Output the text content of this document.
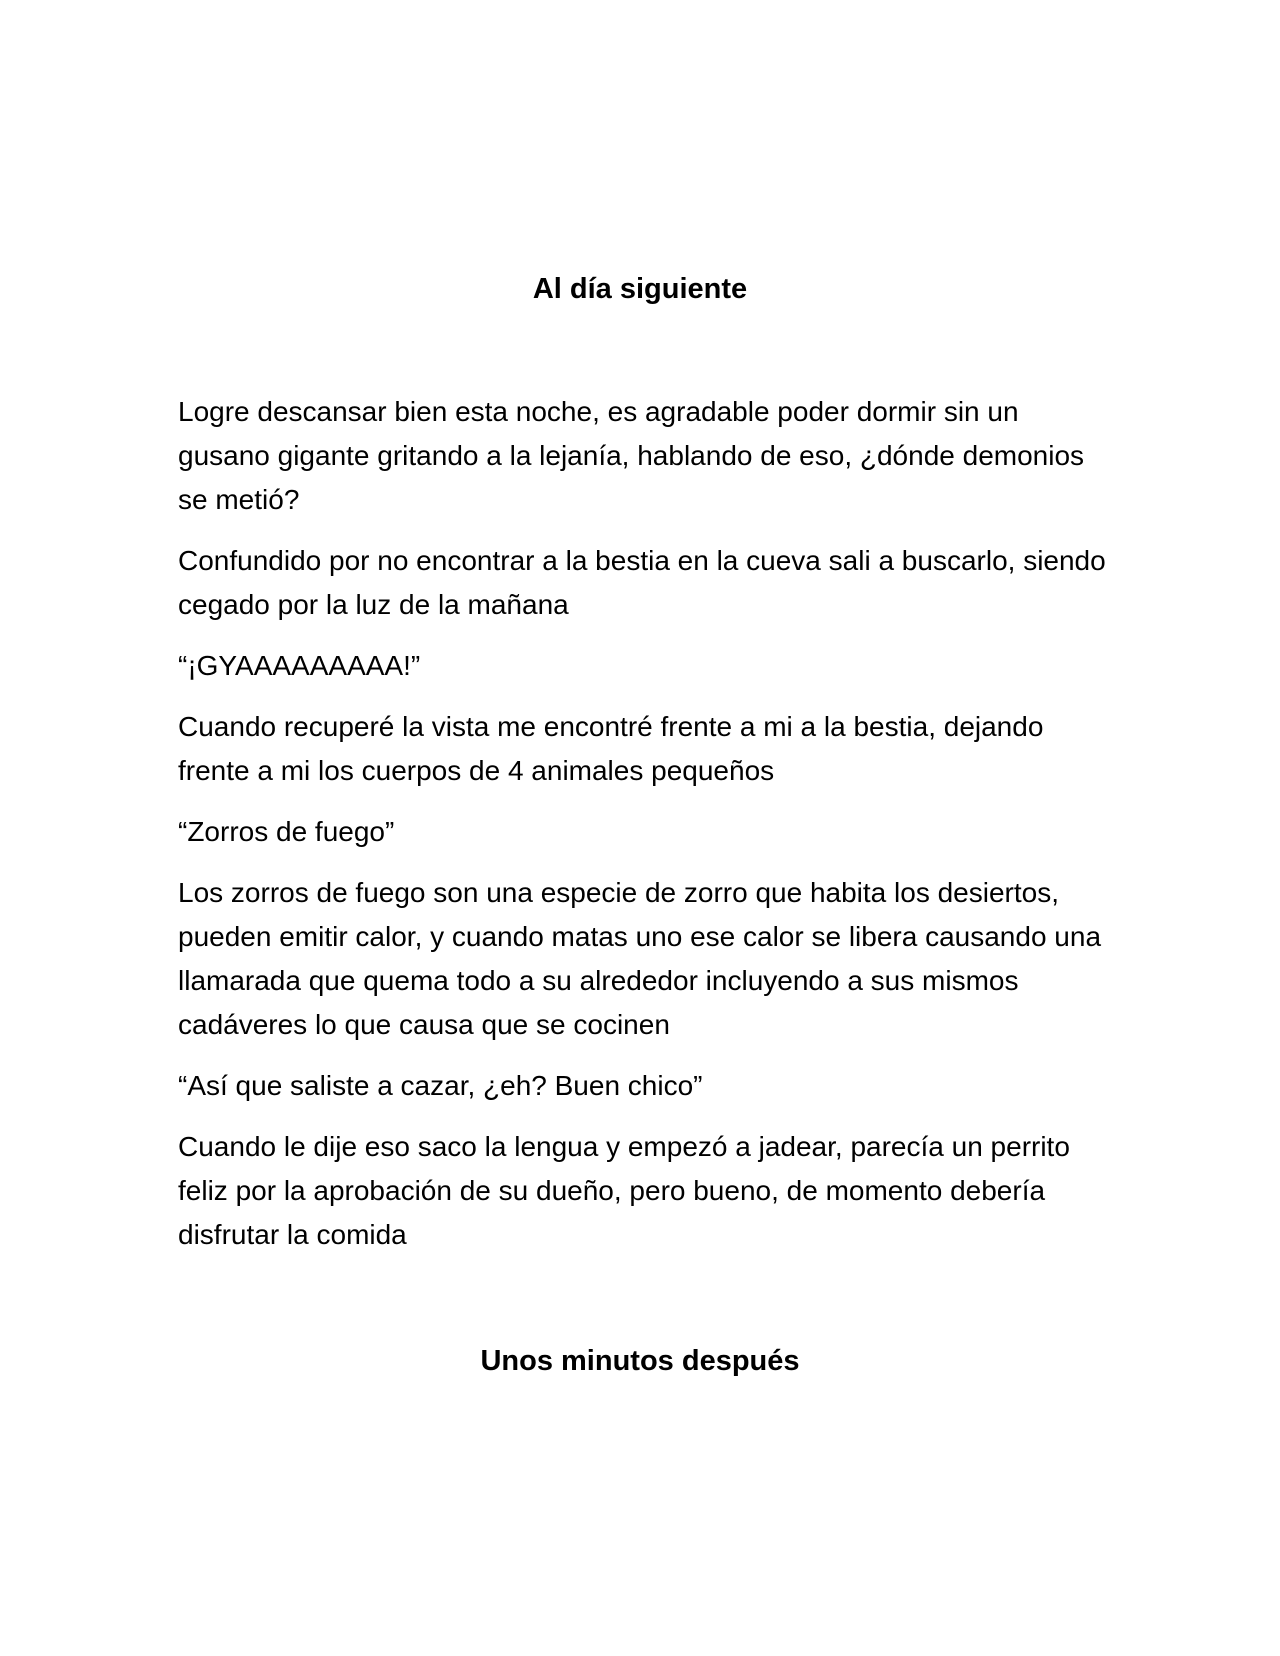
Al día siguiente

Logre descansar bien esta noche, es agradable poder dormir sin un gusano gigante gritando a la lejanía, hablando de eso, ¿dónde demonios se metió?

Confundido por no encontrar a la bestia en la cueva sali a buscarlo, siendo cegado por la luz de la mañana

“¡GYAAAAAAAAA!”

Cuando recuperé la vista me encontré frente a mi a la bestia, dejando frente a mi los cuerpos de 4 animales pequeños

“Zorros de fuego”

Los zorros de fuego son una especie de zorro que habita los desiertos, pueden emitir calor, y cuando matas uno ese calor se libera causando una llamarada que quema todo a su alrededor incluyendo a sus mismos cadáveres lo que causa que se cocinen

“Así que saliste a cazar, ¿eh? Buen chico”

Cuando le dije eso saco la lengua y empezó a jadear, parecía un perrito feliz por la aprobación de su dueño, pero bueno, de momento debería disfrutar la comida

Unos minutos después
